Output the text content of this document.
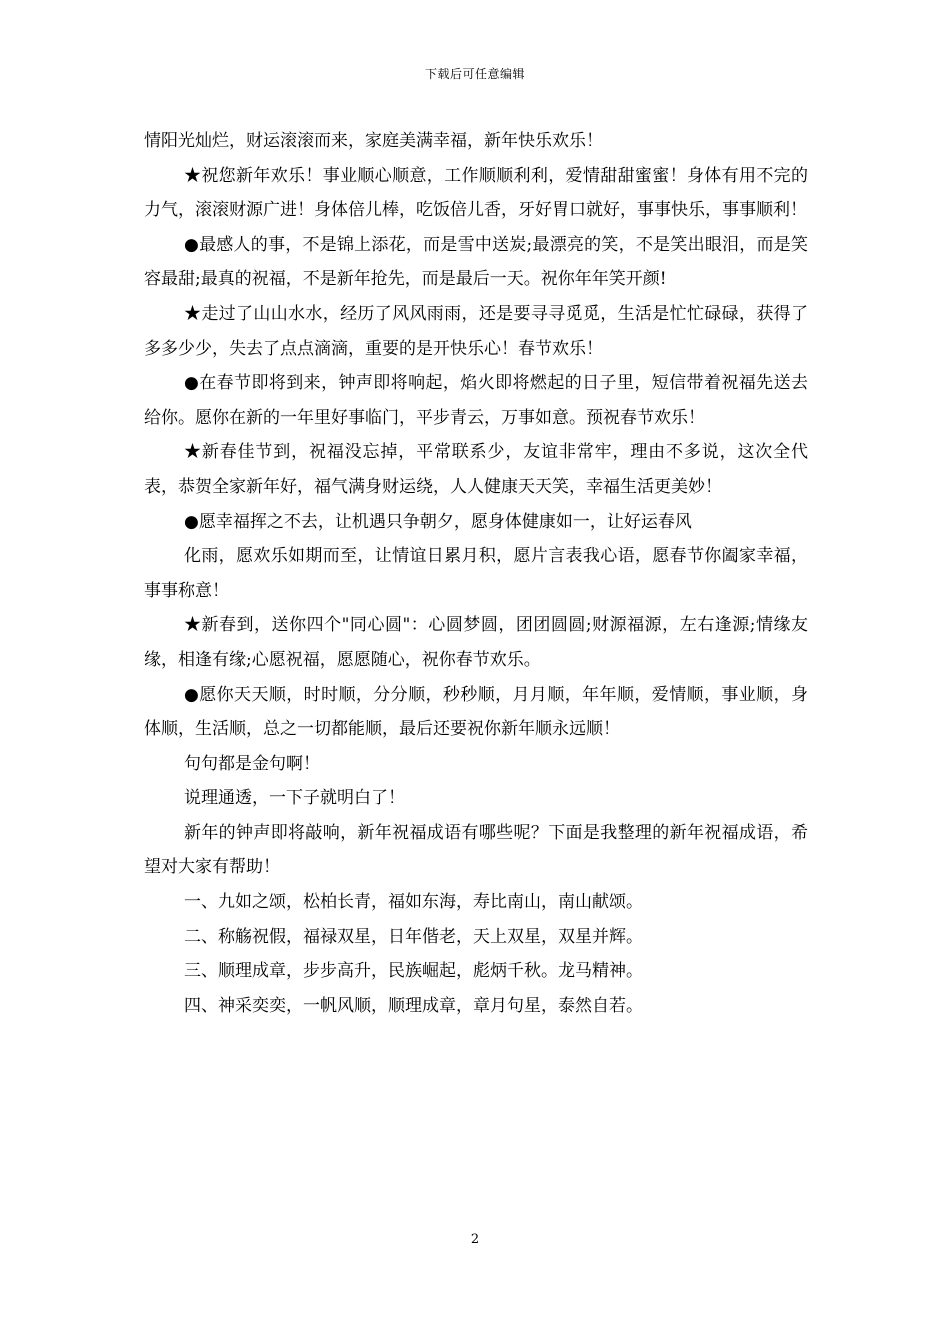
下载后可任意编辑

情阳光灿烂，财运滚滚而来，家庭美满幸福，新年快乐欢乐！

★祝您新年欢乐！事业顺心顺意，工作顺顺利利，爱情甜甜蜜蜜！身体有用不完的力气，滚滚财源广进！身体倍儿棒，吃饭倍儿香，牙好胃口就好，事事快乐，事事顺利！

●最感人的事，不是锦上添花，而是雪中送炭;最漂亮的笑，不是笑出眼泪，而是笑容最甜;最真的祝福，不是新年抢先，而是最后一天。祝你年年笑开颜!

★走过了山山水水，经历了风风雨雨，还是要寻寻觅觅，生活是忙忙碌碌，获得了多多少少，失去了点点滴滴，重要的是开快乐心！春节欢乐！

●在春节即将到来，钟声即将响起，焰火即将燃起的日子里，短信带着祝福先送去给你。愿你在新的一年里好事临门，平步青云，万事如意。预祝春节欢乐！

★新春佳节到，祝福没忘掉，平常联系少，友谊非常牢，理由不多说，这次全代表，恭贺全家新年好，福气满身财运绕，人人健康天天笑，幸福生活更美妙！

●愿幸福挥之不去，让机遇只争朝夕，愿身体健康如一，让好运春风

化雨，愿欢乐如期而至，让情谊日累月积，愿片言表我心语，愿春节你阖家幸福，事事称意！

★新春到，送你四个"同心圆"：心圆梦圆，团团圆圆;财源福源，左右逢源;情缘友缘，相逢有缘;心愿祝福，愿愿随心，祝你春节欢乐。

●愿你天天顺，时时顺，分分顺，秒秒顺，月月顺，年年顺，爱情顺，事业顺，身体顺，生活顺，总之一切都能顺，最后还要祝你新年顺永远顺！

句句都是金句啊！

说理通透，一下子就明白了！

新年的钟声即将敲响，新年祝福成语有哪些呢？下面是我整理的新年祝福成语，希望对大家有帮助！

一、九如之颂，松柏长青，福如东海，寿比南山，南山献颂。

二、称觞祝假，福禄双星，日年偕老，天上双星，双星并辉。

三、顺理成章，步步高升，民族崛起，彪炳千秋。龙马精神。

四、神采奕奕，一帆风顺，顺理成章，章月句星，泰然自若。

2
